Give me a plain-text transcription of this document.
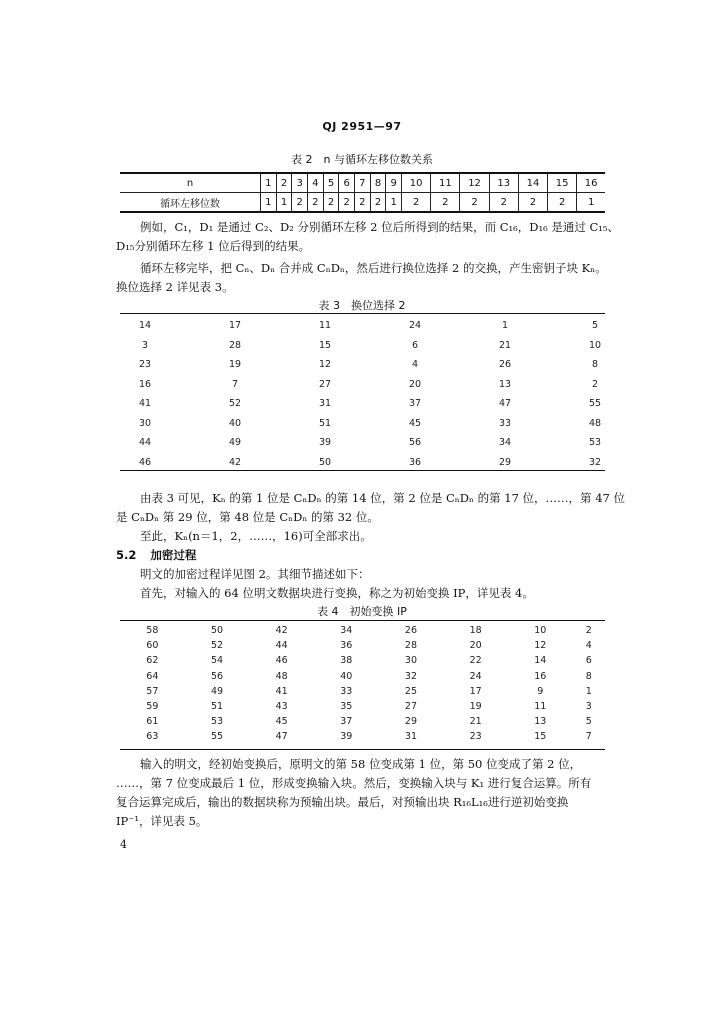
QJ 2951—97
表 2　n 与循环左移位数关系
n	1	2	3	4	5	6	7	8	9	10	11	12	13	14	15	16
循环左移位数	1	1	2	2	2	2	2	2	1	2	2	2	2	2	2	1
例如，C₁，D₁ 是通过 C₂、D₂ 分别循环左移 2 位后所得到的结果，而 C₁₆，D₁₆ 是通过 C₁₅、
D₁₅分别循环左移 1 位后得到的结果。
循环左移完毕，把 Cₙ、Dₙ 合并成 CₙDₙ，然后进行换位选择 2 的交换，产生密钥子块 Kₙ。
换位选择 2 详见表 3。
表 3　换位选择 2
14	17	11	24	1	5
3	28	15	6	21	10
23	19	12	4	26	8
16	7	27	20	13	2
41	52	31	37	47	55
30	40	51	45	33	48
44	49	39	56	34	53
46	42	50	36	29	32
由表 3 可见，Kₙ 的第 1 位是 CₙDₙ 的第 14 位，第 2 位是 CₙDₙ 的第 17 位，……，第 47 位
是 CₙDₙ 第 29 位，第 48 位是 CₙDₙ 的第 32 位。
至此，Kₙ(n＝1，2，……，16)可全部求出。
5.2 加密过程
明文的加密过程详见图 2。其细节描述如下：
首先，对输入的 64 位明文数据块进行变换，称之为初始变换 IP，详见表 4。
表 4　初始变换 IP
58	50	42	34	26	18	10	2
60	52	44	36	28	20	12	4
62	54	46	38	30	22	14	6
64	56	48	40	32	24	16	8
57	49	41	33	25	17	9	1
59	51	43	35	27	19	11	3
61	53	45	37	29	21	13	5
63	55	47	39	31	23	15	7
输入的明文，经初始变换后，原明文的第 58 位变成第 1 位，第 50 位变成了第 2 位，
……，第 7 位变成最后 1 位，形成变换输入块。然后，变换输入块与 K₁ 进行复合运算。所有
复合运算完成后，输出的数据块称为预输出块。最后，对预输出块 R₁₆L₁₆进行逆初始变换
IP⁻¹，详见表 5。
4
